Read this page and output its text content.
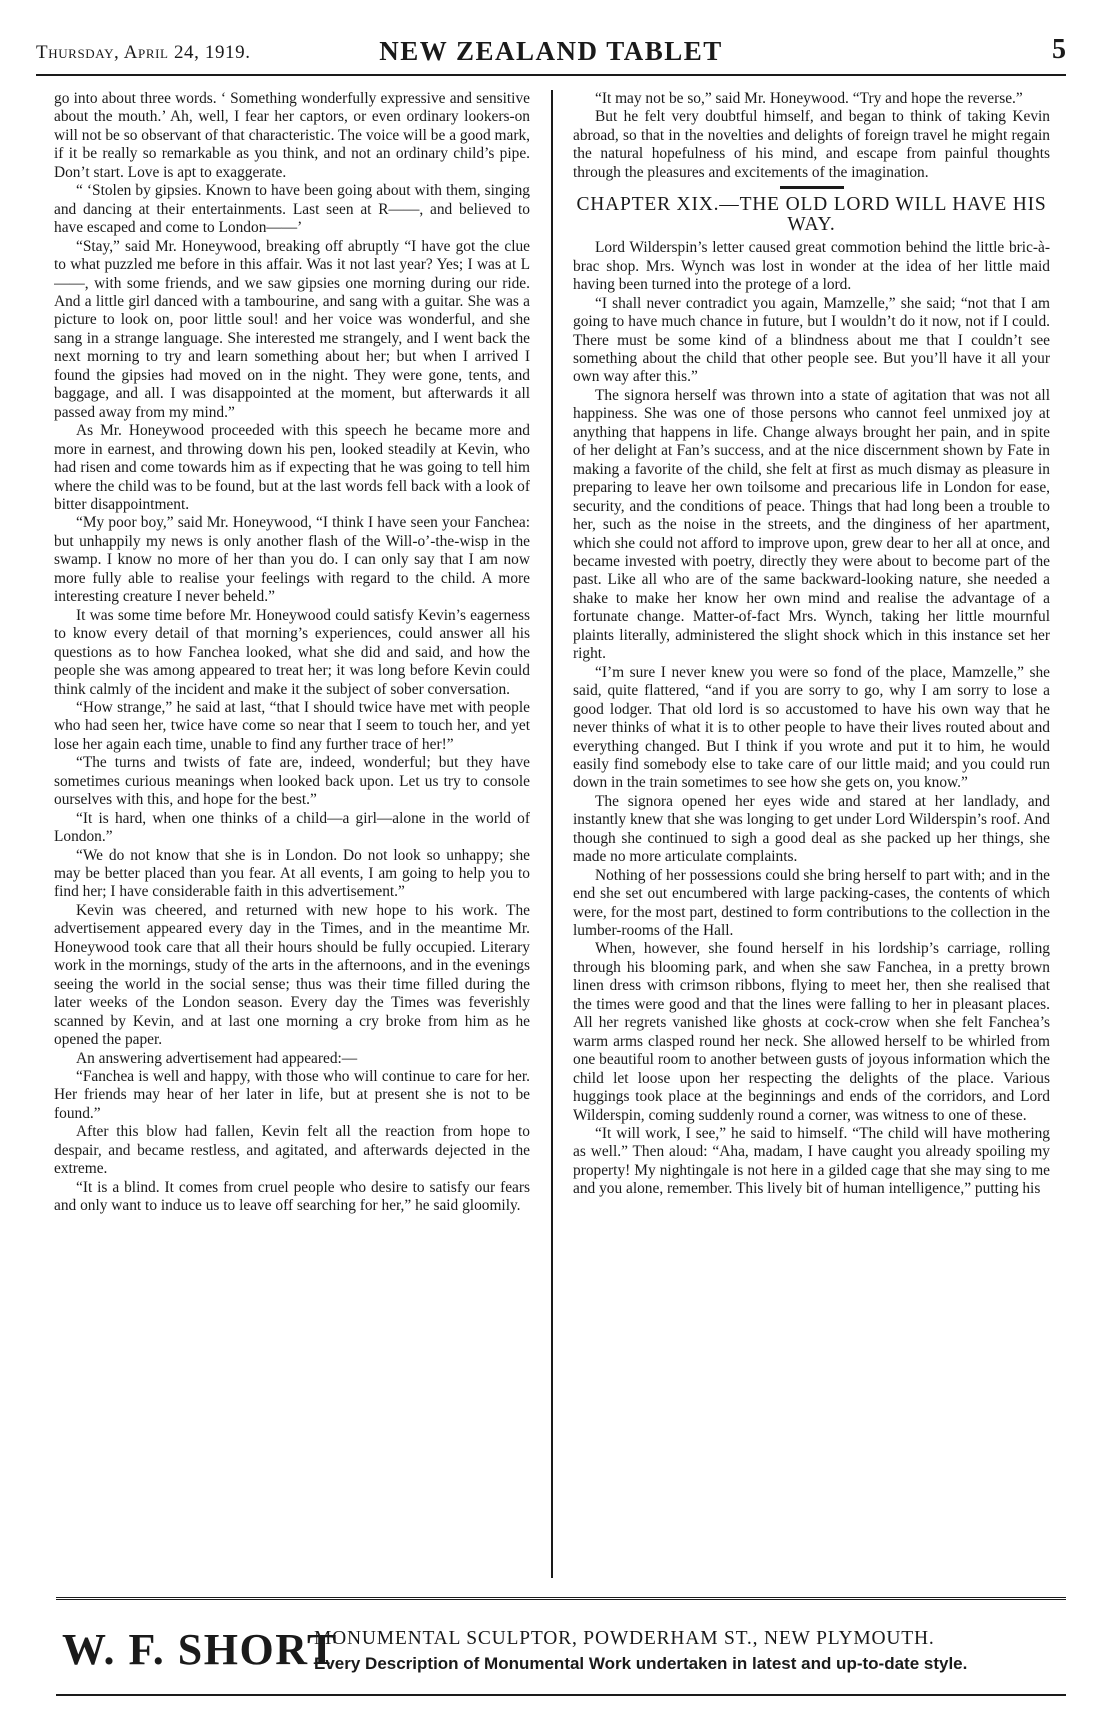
Thursday, April 24, 1919.	NEW ZEALAND TABLET	5

go into about three words. ‘ Something wonderfully expressive and sensitive about the mouth.’ Ah, well, I fear her captors, or even ordinary lookers-on will not be so observant of that characteristic. The voice will be a good mark, if it be really so remarkable as you think, and not an ordinary child’s pipe. Don’t start. Love is apt to exaggerate.

“ ‘Stolen by gipsies. Known to have been going about with them, singing and dancing at their entertainments. Last seen at R——, and believed to have escaped and come to London——’

“Stay,” said Mr. Honeywood, breaking off abruptly “I have got the clue to what puzzled me before in this affair. Was it not last year? Yes; I was at L——, with some friends, and we saw gipsies one morning during our ride. And a little girl danced with a tambourine, and sang with a guitar. She was a picture to look on, poor little soul! and her voice was wonderful, and she sang in a strange language. She interested me strangely, and I went back the next morning to try and learn something about her; but when I arrived I found the gipsies had moved on in the night. They were gone, tents, and baggage, and all. I was disappointed at the moment, but afterwards it all passed away from my mind.”

As Mr. Honeywood proceeded with this speech he became more and more in earnest, and throwing down his pen, looked steadily at Kevin, who had risen and come towards him as if expecting that he was going to tell him where the child was to be found, but at the last words fell back with a look of bitter disappointment.

“My poor boy,” said Mr. Honeywood, “I think I have seen your Fanchea: but unhappily my news is only another flash of the Will-o’-the-wisp in the swamp. I know no more of her than you do. I can only say that I am now more fully able to realise your feelings with regard to the child. A more interesting creature I never beheld.”

It was some time before Mr. Honeywood could satisfy Kevin’s eagerness to know every detail of that morning’s experiences, could answer all his questions as to how Fanchea looked, what she did and said, and how the people she was among appeared to treat her; it was long before Kevin could think calmly of the incident and make it the subject of sober conversation.

“How strange,” he said at last, “that I should twice have met with people who had seen her, twice have come so near that I seem to touch her, and yet lose her again each time, unable to find any further trace of her!”

“The turns and twists of fate are, indeed, wonderful; but they have sometimes curious meanings when looked back upon. Let us try to console ourselves with this, and hope for the best.”

“It is hard, when one thinks of a child—a girl—alone in the world of London.”

“We do not know that she is in London. Do not look so unhappy; she may be better placed than you fear. At all events, I am going to help you to find her; I have considerable faith in this advertisement.”

Kevin was cheered, and returned with new hope to his work. The advertisement appeared every day in the Times, and in the meantime Mr. Honeywood took care that all their hours should be fully occupied. Literary work in the mornings, study of the arts in the afternoons, and in the evenings seeing the world in the social sense; thus was their time filled during the later weeks of the London season. Every day the Times was feverishly scanned by Kevin, and at last one morning a cry broke from him as he opened the paper.

An answering advertisement had appeared:—

“Fanchea is well and happy, with those who will continue to care for her. Her friends may hear of her later in life, but at present she is not to be found.”

After this blow had fallen, Kevin felt all the reaction from hope to despair, and became restless, and agitated, and afterwards dejected in the extreme.

“It is a blind. It comes from cruel people who desire to satisfy our fears and only want to induce us to leave off searching for her,” he said gloomily.

“It may not be so,” said Mr. Honeywood. “Try and hope the reverse.”

But he felt very doubtful himself, and began to think of taking Kevin abroad, so that in the novelties and delights of foreign travel he might regain the natural hopefulness of his mind, and escape from painful thoughts through the pleasures and excitements of the imagination.

CHAPTER XIX.—THE OLD LORD WILL HAVE HIS WAY.

Lord Wilderspin’s letter caused great commotion behind the little bric-à-brac shop. Mrs. Wynch was lost in wonder at the idea of her little maid having been turned into the protege of a lord.

“I shall never contradict you again, Mamzelle,” she said; “not that I am going to have much chance in future, but I wouldn’t do it now, not if I could. There must be some kind of a blindness about me that I couldn’t see something about the child that other people see. But you’ll have it all your own way after this.”

The signora herself was thrown into a state of agitation that was not all happiness. She was one of those persons who cannot feel unmixed joy at anything that happens in life. Change always brought her pain, and in spite of her delight at Fan’s success, and at the nice discernment shown by Fate in making a favorite of the child, she felt at first as much dismay as pleasure in preparing to leave her own toilsome and precarious life in London for ease, security, and the conditions of peace. Things that had long been a trouble to her, such as the noise in the streets, and the dinginess of her apartment, which she could not afford to improve upon, grew dear to her all at once, and became invested with poetry, directly they were about to become part of the past. Like all who are of the same backward-looking nature, she needed a shake to make her know her own mind and realise the advantage of a fortunate change. Matter-of-fact Mrs. Wynch, taking her little mournful plaints literally, administered the slight shock which in this instance set her right.

“I’m sure I never knew you were so fond of the place, Mamzelle,” she said, quite flattered, “and if you are sorry to go, why I am sorry to lose a good lodger. That old lord is so accustomed to have his own way that he never thinks of what it is to other people to have their lives routed about and everything changed. But I think if you wrote and put it to him, he would easily find somebody else to take care of our little maid; and you could run down in the train sometimes to see how she gets on, you know.”

The signora opened her eyes wide and stared at her landlady, and instantly knew that she was longing to get under Lord Wilderspin’s roof. And though she continued to sigh a good deal as she packed up her things, she made no more articulate complaints.

Nothing of her possessions could she bring herself to part with; and in the end she set out encumbered with large packing-cases, the contents of which were, for the most part, destined to form contributions to the collection in the lumber-rooms of the Hall.

When, however, she found herself in his lordship’s carriage, rolling through his blooming park, and when she saw Fanchea, in a pretty brown linen dress with crimson ribbons, flying to meet her, then she realised that the times were good and that the lines were falling to her in pleasant places. All her regrets vanished like ghosts at cock-crow when she felt Fanchea’s warm arms clasped round her neck. She allowed herself to be whirled from one beautiful room to another between gusts of joyous information which the child let loose upon her respecting the delights of the place. Various huggings took place at the beginnings and ends of the corridors, and Lord Wilderspin, coming suddenly round a corner, was witness to one of these.

“It will work, I see,” he said to himself. “The child will have mothering as well.” Then aloud: “Aha, madam, I have caught you already spoiling my property! My nightingale is not here in a gilded cage that she may sing to me and you alone, remember. This lively bit of human intelligence,” putting his

W. F. SHORT
MONUMENTAL SCULPTOR, POWDERHAM ST., NEW PLYMOUTH.
Every Description of Monumental Work undertaken in latest and up-to-date style.
